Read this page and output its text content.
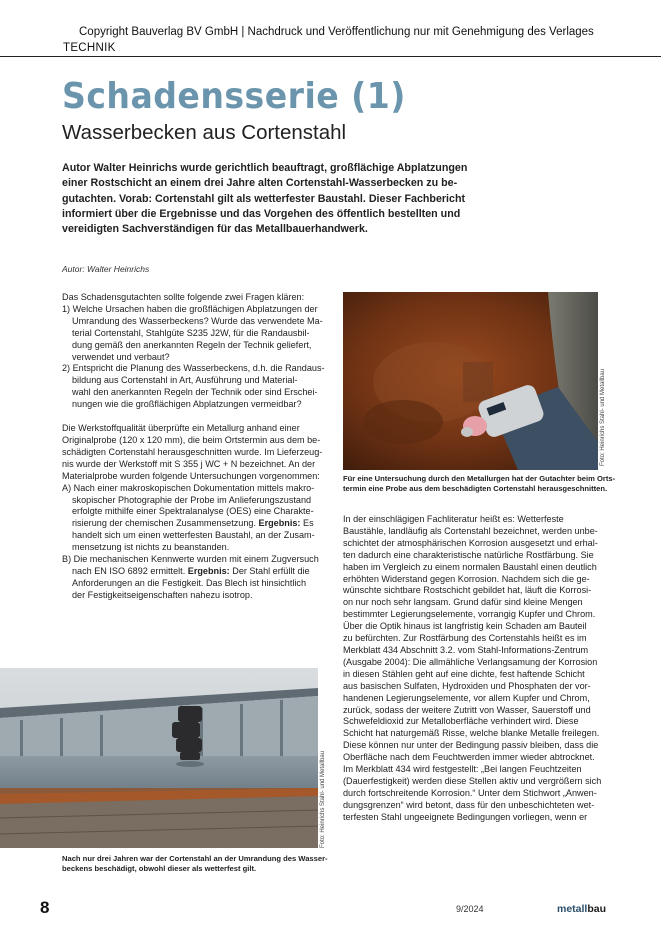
Copyright Bauverlag BV GmbH | Nachdruck und Veröffentlichung nur mit Genehmigung des Verlages
TECHNIK
Schadensserie (1)
Wasserbecken aus Cortenstahl

Autor Walter Heinrichs wurde gerichtlich beauftragt, großflächige Abplatzungen

einer Rostschicht an einem drei Jahre alten Cortenstahl-Wasserbecken zu be-

gutachten. Vorab: Cortenstahl gilt als wetterfester Baustahl. Dieser Fachbericht

informiert über die Ergebnisse und das Vorgehen des öffentlich bestellten und

vereidigten Sachverständigen für das Metallbauerhandwerk.

Autor: Walter Heinrichs

Das Schadensgutachten sollte folgende zwei Fragen klären:

1) Welche Ursachen haben die großflächigen Abplatzungen der

Umrandung des Wasserbeckens? Wurde das verwendete Ma-

terial Cortenstahl, Stahlgüte S235 J2W, für die Randausbil-

dung gemäß den anerkannten Regeln der Technik geliefert,

verwendet und verbaut?

2) Entspricht die Planung des Wasserbeckens, d.h. die Randaus-

bildung aus Cortenstahl in Art, Ausführung und Material-

wahl den anerkannten Regeln der Technik oder sind Erschei-

nungen wie die großflächigen Abplatzungen vermeidbar?

Die Werkstoffqualität überprüfte ein Metallurg anhand einer

Originalprobe (120 x 120 mm), die beim Ortstermin aus dem be-

schädigten Cortenstahl herausgeschnitten wurde. Im Lieferzeug-

nis wurde der Werkstoff mit S 355 j WC + N bezeichnet. An der

Materialprobe wurden folgende Untersuchungen vorgenommen:

A) Nach einer makroskopischen Dokumentation mittels makro-

skopischer Photographie der Probe im Anlieferungszustand

erfolgte mithilfe einer Spektralanalyse (OES) eine Charakte-

risierung der chemischen Zusammensetzung. Ergebnis: Es

handelt sich um einen wetterfesten Baustahl, an der Zusam-

mensetzung ist nichts zu beanstanden.

B) Die mechanischen Kennwerte wurden mit einem Zugversuch

nach EN ISO 6892 ermittelt. Ergebnis: Der Stahl erfüllt die

Anforderungen an die Festigkeit. Das Blech ist hinsichtlich

der Festigkeitseigenschaften nahezu isotrop.

Foto: Heinrichs Stahl- und Metallbau

Für eine Untersuchung durch den Metallurgen hat der Gutachter beim Orts-

termin eine Probe aus dem beschädigten Cortenstahl herausgeschnitten.

In der einschlägigen Fachliteratur heißt es: Wetterfeste

Baustähle, landläufig als Cortenstahl bezeichnet, werden unbe-

schichtet der atmosphärischen Korrosion ausgesetzt und erhal-

ten dadurch eine charakteristische natürliche Rostfärbung. Sie

haben im Vergleich zu einem normalen Baustahl einen deutlich

erhöhten Widerstand gegen Korrosion. Nachdem sich die ge-

wünschte sichtbare Rostschicht gebildet hat, läuft die Korrosi-

on nur noch sehr langsam. Grund dafür sind kleine Mengen

bestimmter Legierungselemente, vorrangig Kupfer und Chrom.

Über die Optik hinaus ist langfristig kein Schaden am Bauteil

zu befürchten. Zur Rostfärbung des Cortenstahls heißt es im

Merkblatt 434 Abschnitt 3.2. vom Stahl-Informations-Zentrum

(Ausgabe 2004): Die allmähliche Verlangsamung der Korrosion

in diesen Stählen geht auf eine dichte, fest haftende Schicht

aus basischen Sulfaten, Hydroxiden und Phosphaten der vor-

handenen Legierungselemente, vor allem Kupfer und Chrom,

zurück, sodass der weitere Zutritt von Wasser, Sauerstoff und

Schwefeldioxid zur Metalloberfläche verhindert wird. Diese

Schicht hat naturgemäß Risse, welche blanke Metalle freilegen.

Diese können nur unter der Bedingung passiv bleiben, dass die

Oberfläche nach dem Feuchtwerden immer wieder abtrocknet.

Im Merkblatt 434 wird festgestellt: „Bei langen Feuchtzeiten

(Dauerfestigkeit) werden diese Stellen aktiv und vergrößern sich

durch fortschreitende Korrosion.“ Unter dem Stichwort „Anwen-

dungsgrenzen“ wird betont, dass für den unbeschichteten wet-

terfesten Stahl ungeeignete Bedingungen vorliegen, wenn er

Foto: Heinrichs Stahl- und Metallbau

Nach nur drei Jahren war der Cortenstahl an der Umrandung des Wasser-

beckens beschädigt, obwohl dieser als wetterfest gilt.

8	9/2024	metallbau
